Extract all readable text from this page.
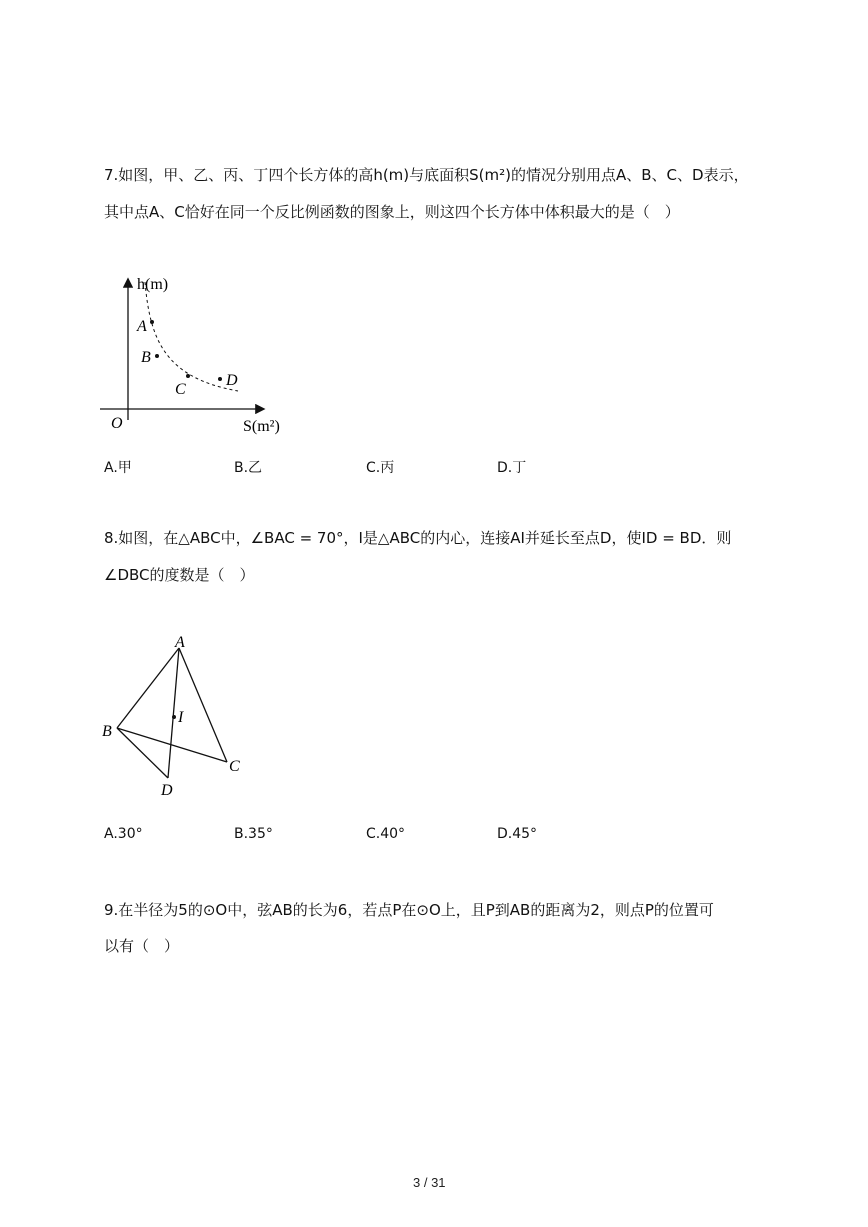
7.如图，甲、乙、丙、丁四个长方体的高h(m)与底面积S(m²)的情况分别用点A、B、C、D表示，
其中点A、C恰好在同一个反比例函数的图象上，则这四个长方体中体积最大的是（　）
h(m)
S(m²)
O
A
B
C
D
A.甲	B.乙	C.丙	D.丁
8.如图，在△ABC中，∠BAC = 70°，I是△ABC的内心，连接AI并延长至点D，使ID = BD．则
∠DBC的度数是（　）
A
B
C
D
I
A.30°	B.35°	C.40°	D.45°
9.在半径为5的⊙O中，弦AB的长为6，若点P在⊙O上，且P到AB的距离为2，则点P的位置可
以有（　）
3 / 31
